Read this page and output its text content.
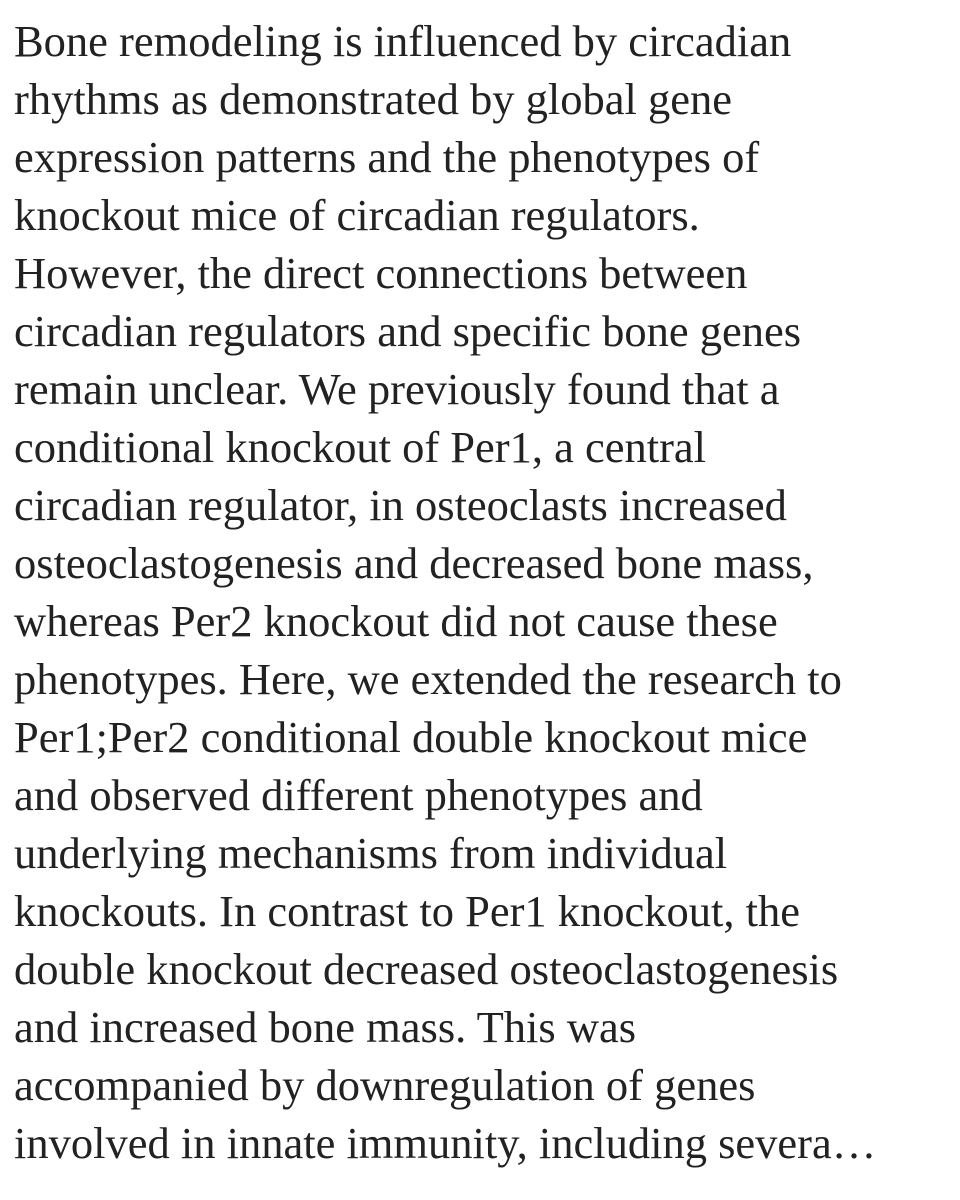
Bone remodeling is influenced by circadian
rhythms as demonstrated by global gene
expression patterns and the phenotypes of
knockout mice of circadian regulators.
However, the direct connections between
circadian regulators and specific bone genes
remain unclear. We previously found that a
conditional knockout of Per1, a central
circadian regulator, in osteoclasts increased
osteoclastogenesis and decreased bone mass,
whereas Per2 knockout did not cause these
phenotypes. Here, we extended the research to
Per1;Per2 conditional double knockout mice
and observed different phenotypes and
underlying mechanisms from individual
knockouts. In contrast to Per1 knockout, the
double knockout decreased osteoclastogenesis
and increased bone mass. This was
accompanied by downregulation of genes
involved in innate immunity, including severa…
